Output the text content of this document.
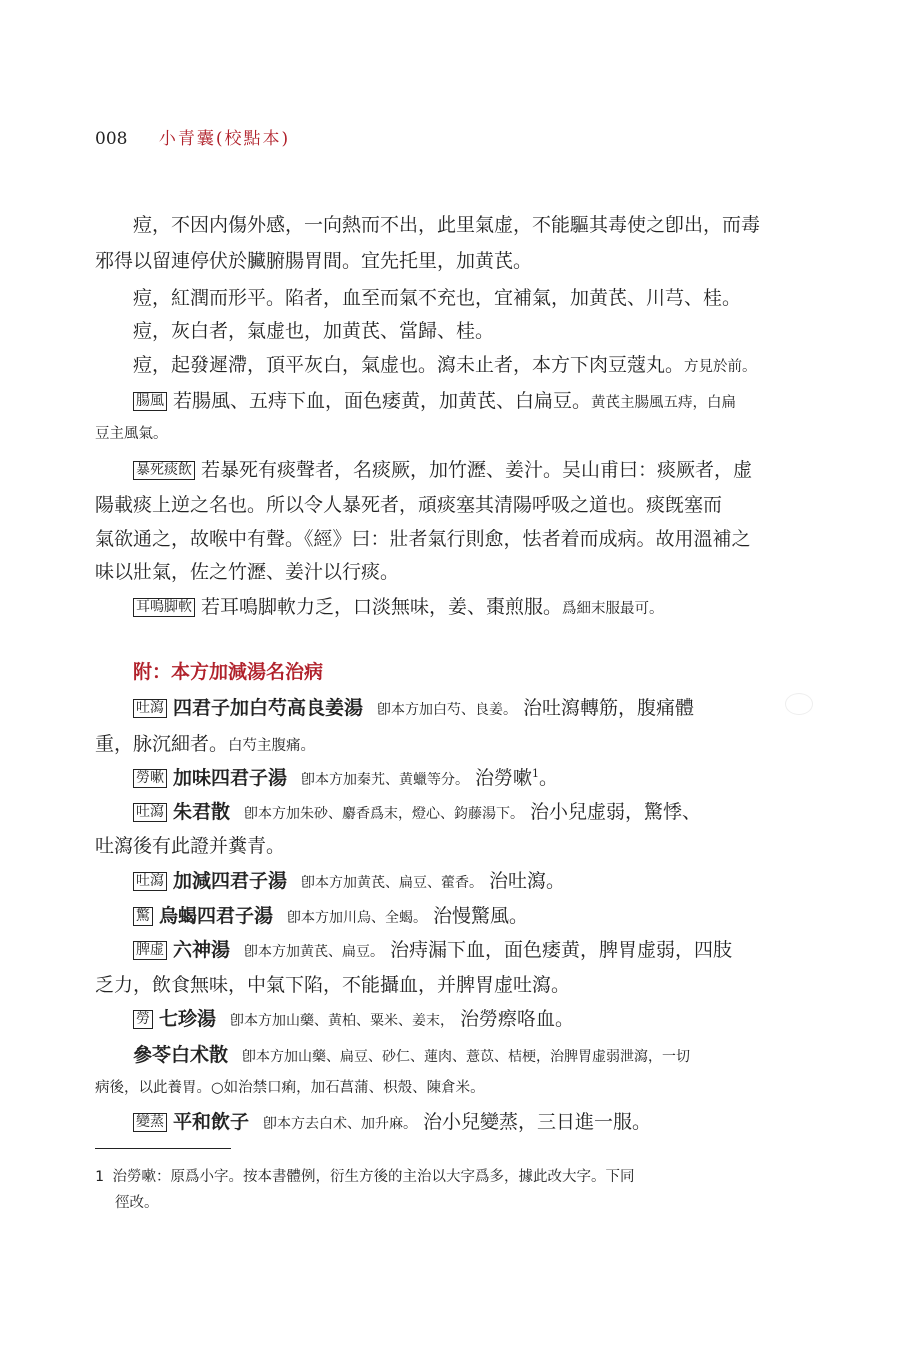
008 小青囊(校點本)
痘，不因内傷外感，一向熱而不出，此里氣虚，不能驅其毒使之卽出，而毒
邪得以留連停伏於臟腑腸胃間。宜先托里，加黄芪。
痘，紅潤而形平。陷者，血至而氣不充也，宜補氣，加黄芪、川芎、桂。
痘，灰白者，氣虚也，加黄芪、當歸、桂。
痘，起發遲滯，頂平灰白，氣虚也。瀉未止者，本方下肉豆蔻丸。方見於前。
腸風 若腸風、五痔下血，面色痿黄，加黄芪、白扁豆。黄芪主腸風五痔，白扁
豆主風氣。
暴死痰飲 若暴死有痰聲者，名痰厥，加竹瀝、姜汁。吴山甫曰：痰厥者，虚
陽載痰上逆之名也。所以令人暴死者，頑痰塞其清陽呼吸之道也。痰旣塞而
氣欲通之，故喉中有聲。《經》曰：壯者氣行則愈，怯者着而成病。故用溫補之
味以壯氣，佐之竹瀝、姜汁以行痰。
耳鳴脚軟 若耳鳴脚軟力乏，口淡無味，姜、棗煎服。爲細末服最可。
附：本方加減湯名治病
吐瀉 四君子加白芍高良姜湯 卽本方加白芍、良姜。 治吐瀉轉筋，腹痛體
重，脉沉細者。白芍主腹痛。
勞嗽 加味四君子湯 卽本方加秦艽、黄蠟等分。 治勞嗽$^1$。
吐瀉 朱君散 卽本方加朱砂、麝香爲末，燈心、鈞藤湯下。 治小兒虚弱，驚悸、
吐瀉後有此證并糞青。
吐瀉 加減四君子湯 卽本方加黄芪、扁豆、藿香。 治吐瀉。
驚 烏蝎四君子湯 卽本方加川烏、全蝎。 治慢驚風。
脾虚 六神湯 卽本方加黄芪、扁豆。 治痔漏下血，面色痿黄，脾胃虚弱，四肢
乏力，飲食無味，中氣下陷，不能攝血，并脾胃虚吐瀉。
勞 七珍湯 卽本方加山藥、黄柏、粟米、姜末， 治勞瘵咯血。
參苓白术散 卽本方加山藥、扁豆、砂仁、蓮肉、薏苡、桔梗，治脾胃虚弱泄瀉，一切
病後，以此養胃。○如治禁口痢，加石菖蒲、枳殼、陳倉米。
變蒸 平和飲子 卽本方去白术、加升麻。 治小兒變蒸，三日進一服。
1 治勞嗽：原爲小字。按本書體例，衍生方後的主治以大字爲多，據此改大字。下同
徑改。
